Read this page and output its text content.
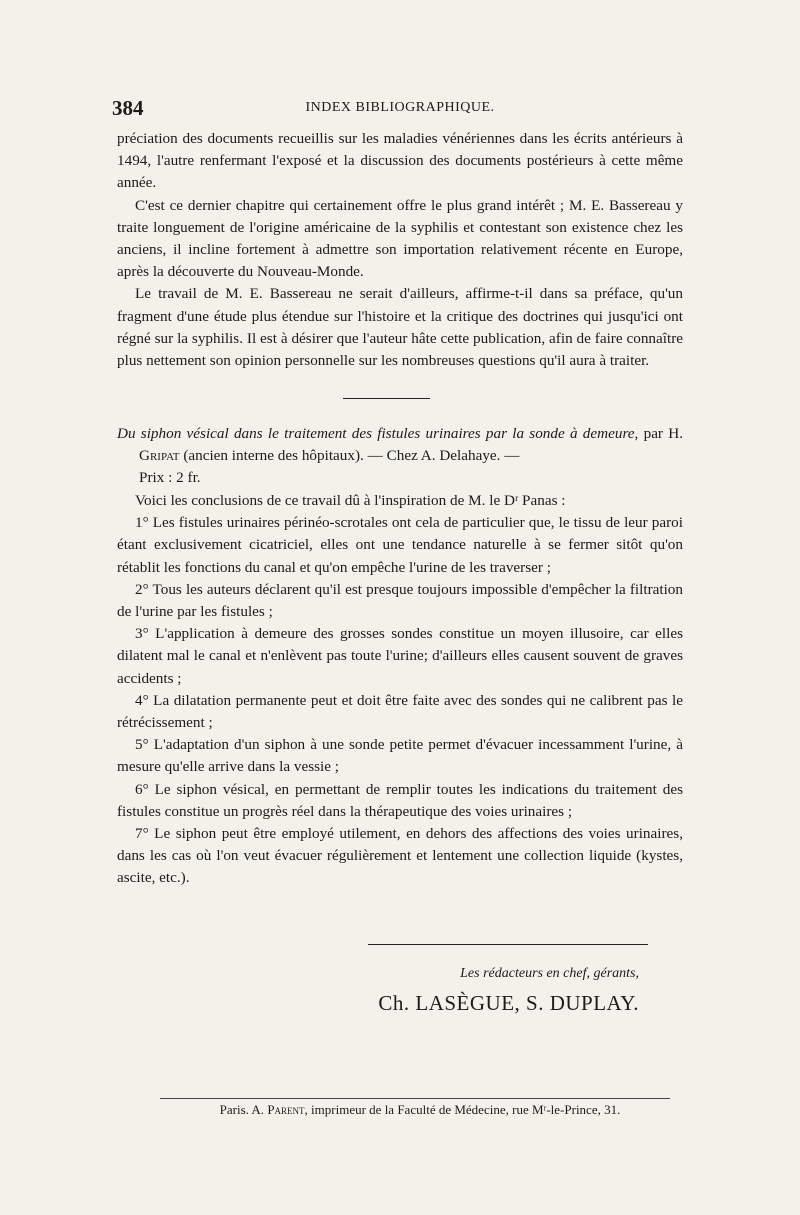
384	INDEX BIBLIOGRAPHIQUE.

préciation des documents recueillis sur les maladies vénériennes dans les écrits antérieurs à 1494, l'autre renfermant l'exposé et la discussion des documents postérieurs à cette même année.

C'est ce dernier chapitre qui certainement offre le plus grand intérêt ; M. E. Bassereau y traite longuement de l'origine américaine de la syphilis et contestant son existence chez les anciens, il incline fortement à admettre son importation relativement récente en Europe, après la découverte du Nouveau-Monde.

Le travail de M. E. Bassereau ne serait d'ailleurs, affirme-t-il dans sa préface, qu'un fragment d'une étude plus étendue sur l'histoire et la critique des doctrines qui jusqu'ici ont régné sur la syphilis. Il est à désirer que l'auteur hâte cette publication, afin de faire connaître plus nettement son opinion personnelle sur les nombreuses questions qu'il aura à traiter.

Du siphon vésical dans le traitement des fistules urinaires par la sonde à demeure, par H. Gripat (ancien interne des hôpitaux). — Chez A. Delahaye. —

Prix : 2 fr.

Voici les conclusions de ce travail dû à l'inspiration de M. le Dʳ Panas :

1° Les fistules urinaires périnéo-scrotales ont cela de particulier que, le tissu de leur paroi étant exclusivement cicatriciel, elles ont une tendance naturelle à se fermer sitôt qu'on rétablit les fonctions du canal et qu'on empêche l'urine de les traverser ;

2° Tous les auteurs déclarent qu'il est presque toujours impossible d'empêcher la filtration de l'urine par les fistules ;

3° L'application à demeure des grosses sondes constitue un moyen illusoire, car elles dilatent mal le canal et n'enlèvent pas toute l'urine; d'ailleurs elles causent souvent de graves accidents ;

4° La dilatation permanente peut et doit être faite avec des sondes qui ne calibrent pas le rétrécissement ;

5° L'adaptation d'un siphon à une sonde petite permet d'évacuer incessamment l'urine, à mesure qu'elle arrive dans la vessie ;

6° Le siphon vésical, en permettant de remplir toutes les indications du traitement des fistules constitue un progrès réel dans la thérapeutique des voies urinaires ;

7° Le siphon peut être employé utilement, en dehors des affections des voies urinaires, dans les cas où l'on veut évacuer régulièrement et lentement une collection liquide (kystes, ascite, etc.).

Les rédacteurs en chef, gérants,
Ch. LASÈGUE, S. DUPLAY.
Paris. A. Parent, imprimeur de la Faculté de Médecine, rue Mʳ-le-Prince, 31.
